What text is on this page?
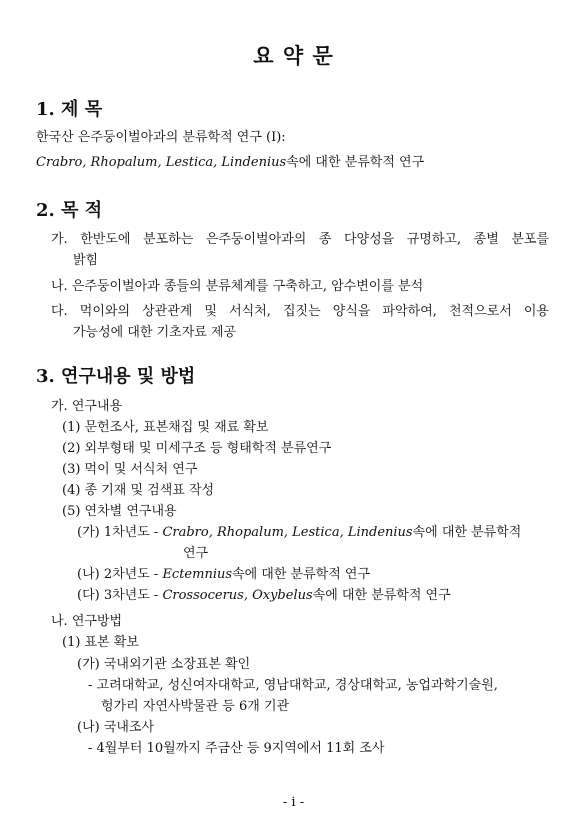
요 약 문
1. 제 목
한국산 은주둥이벌아과의 분류학적 연구 (Ⅰ):
Crabro, Rhopalum, Lestica, Lindenius속에 대한 분류학적 연구
2. 목 적
가. 한반도에 분포하는 은주둥이벌아과의 종 다양성을 규명하고, 종별 분포를
밝힘
나. 은주둥이벌아과 종들의 분류체계를 구축하고, 암수변이를 분석
다. 먹이와의 상관관계 및 서식처, 집짓는 양식을 파악하여, 천적으로서 이용
가능성에 대한 기초자료 제공
3. 연구내용 및 방법
가. 연구내용
(1) 문헌조사, 표본채집 및 재료 확보
(2) 외부형태 및 미세구조 등 형태학적 분류연구
(3) 먹이 및 서식처 연구
(4) 종 기재 및 검색표 작성
(5) 연차별 연구내용
(가) 1차년도 - Crabro, Rhopalum, Lestica, Lindenius속에 대한 분류학적
연구
(나) 2차년도 - Ectemnius속에 대한 분류학적 연구
(다) 3차년도 - Crossocerus, Oxybelus속에 대한 분류학적 연구
나. 연구방법
(1) 표본 확보
(가) 국내외기관 소장표본 확인
- 고려대학교, 성신여자대학교, 영남대학교, 경상대학교, 농업과학기술원,
헝가리 자연사박물관 등 6개 기관
(나) 국내조사
- 4월부터 10월까지 주금산 등 9지역에서 11회 조사
- i -
